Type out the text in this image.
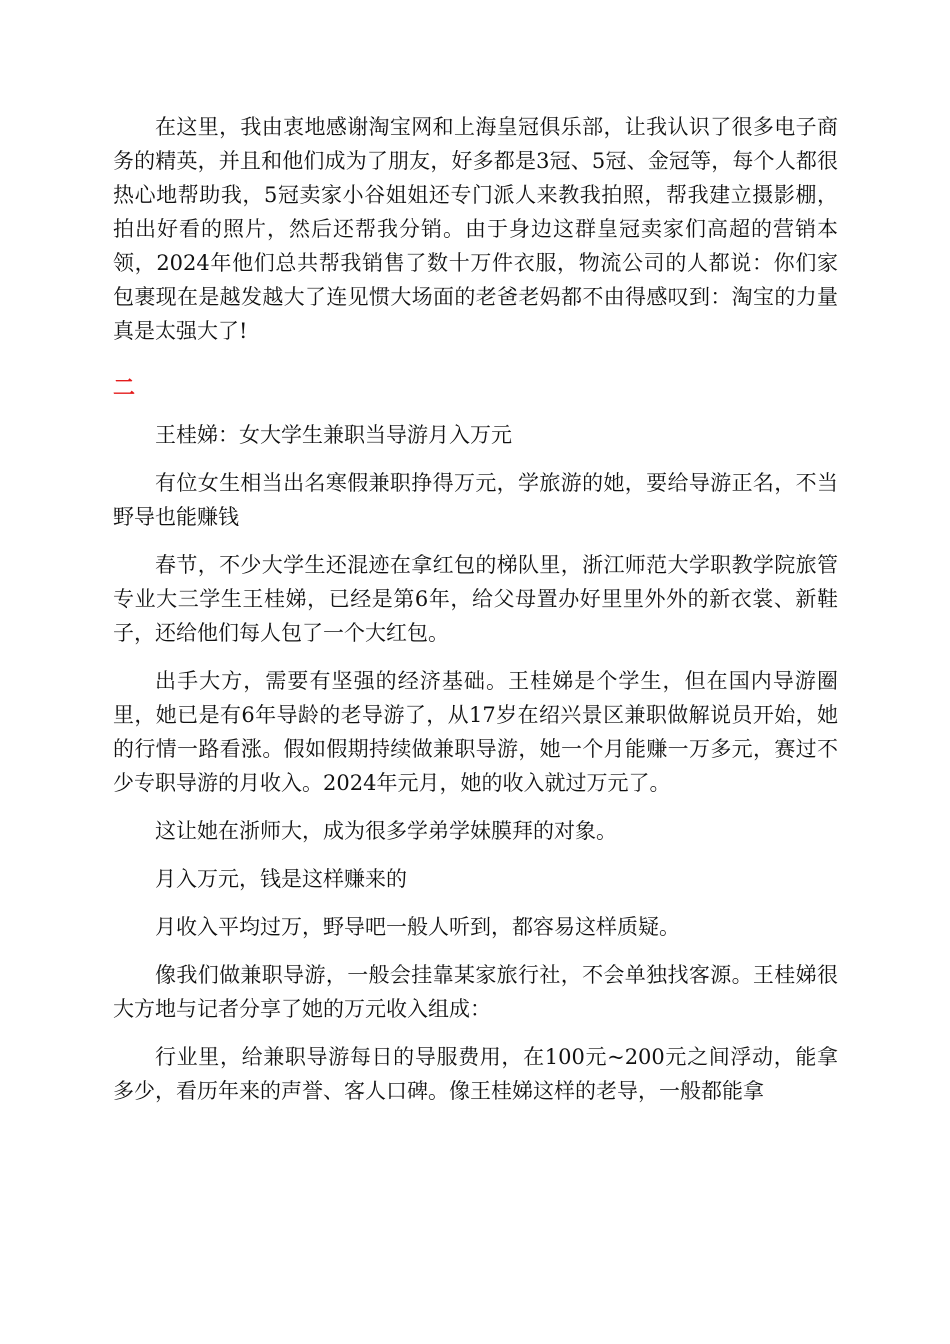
在这里，我由衷地感谢淘宝网和上海皇冠俱乐部，让我认识了很多电子商务的精英，并且和他们成为了朋友，好多都是3冠、5冠、金冠等，每个人都很热心地帮助我，5冠卖家小谷姐姐还专门派人来教我拍照，帮我建立摄影棚，拍出好看的照片，然后还帮我分销。由于身边这群皇冠卖家们高超的营销本领，2024年他们总共帮我销售了数十万件衣服，物流公司的人都说：你们家包裹现在是越发越大了连见惯大场面的老爸老妈都不由得感叹到：淘宝的力量真是太强大了!

二

王桂娣：女大学生兼职当导游月入万元

有位女生相当出名寒假兼职挣得万元，学旅游的她，要给导游正名，不当野导也能赚钱

春节，不少大学生还混迹在拿红包的梯队里，浙江师范大学职教学院旅管专业大三学生王桂娣，已经是第6年，给父母置办好里里外外的新衣裳、新鞋子，还给他们每人包了一个大红包。

出手大方，需要有坚强的经济基础。王桂娣是个学生，但在国内导游圈里，她已是有6年导龄的老导游了，从17岁在绍兴景区兼职做解说员开始，她的行情一路看涨。假如假期持续做兼职导游，她一个月能赚一万多元，赛过不少专职导游的月收入。2024年元月，她的收入就过万元了。

这让她在浙师大，成为很多学弟学妹膜拜的对象。

月入万元，钱是这样赚来的

月收入平均过万，野导吧一般人听到，都容易这样质疑。

像我们做兼职导游，一般会挂靠某家旅行社，不会单独找客源。王桂娣很大方地与记者分享了她的万元收入组成：

行业里，给兼职导游每日的导服费用，在100元~200元之间浮动，能拿多少，看历年来的声誉、客人口碑。像王桂娣这样的老导，一般都能拿
